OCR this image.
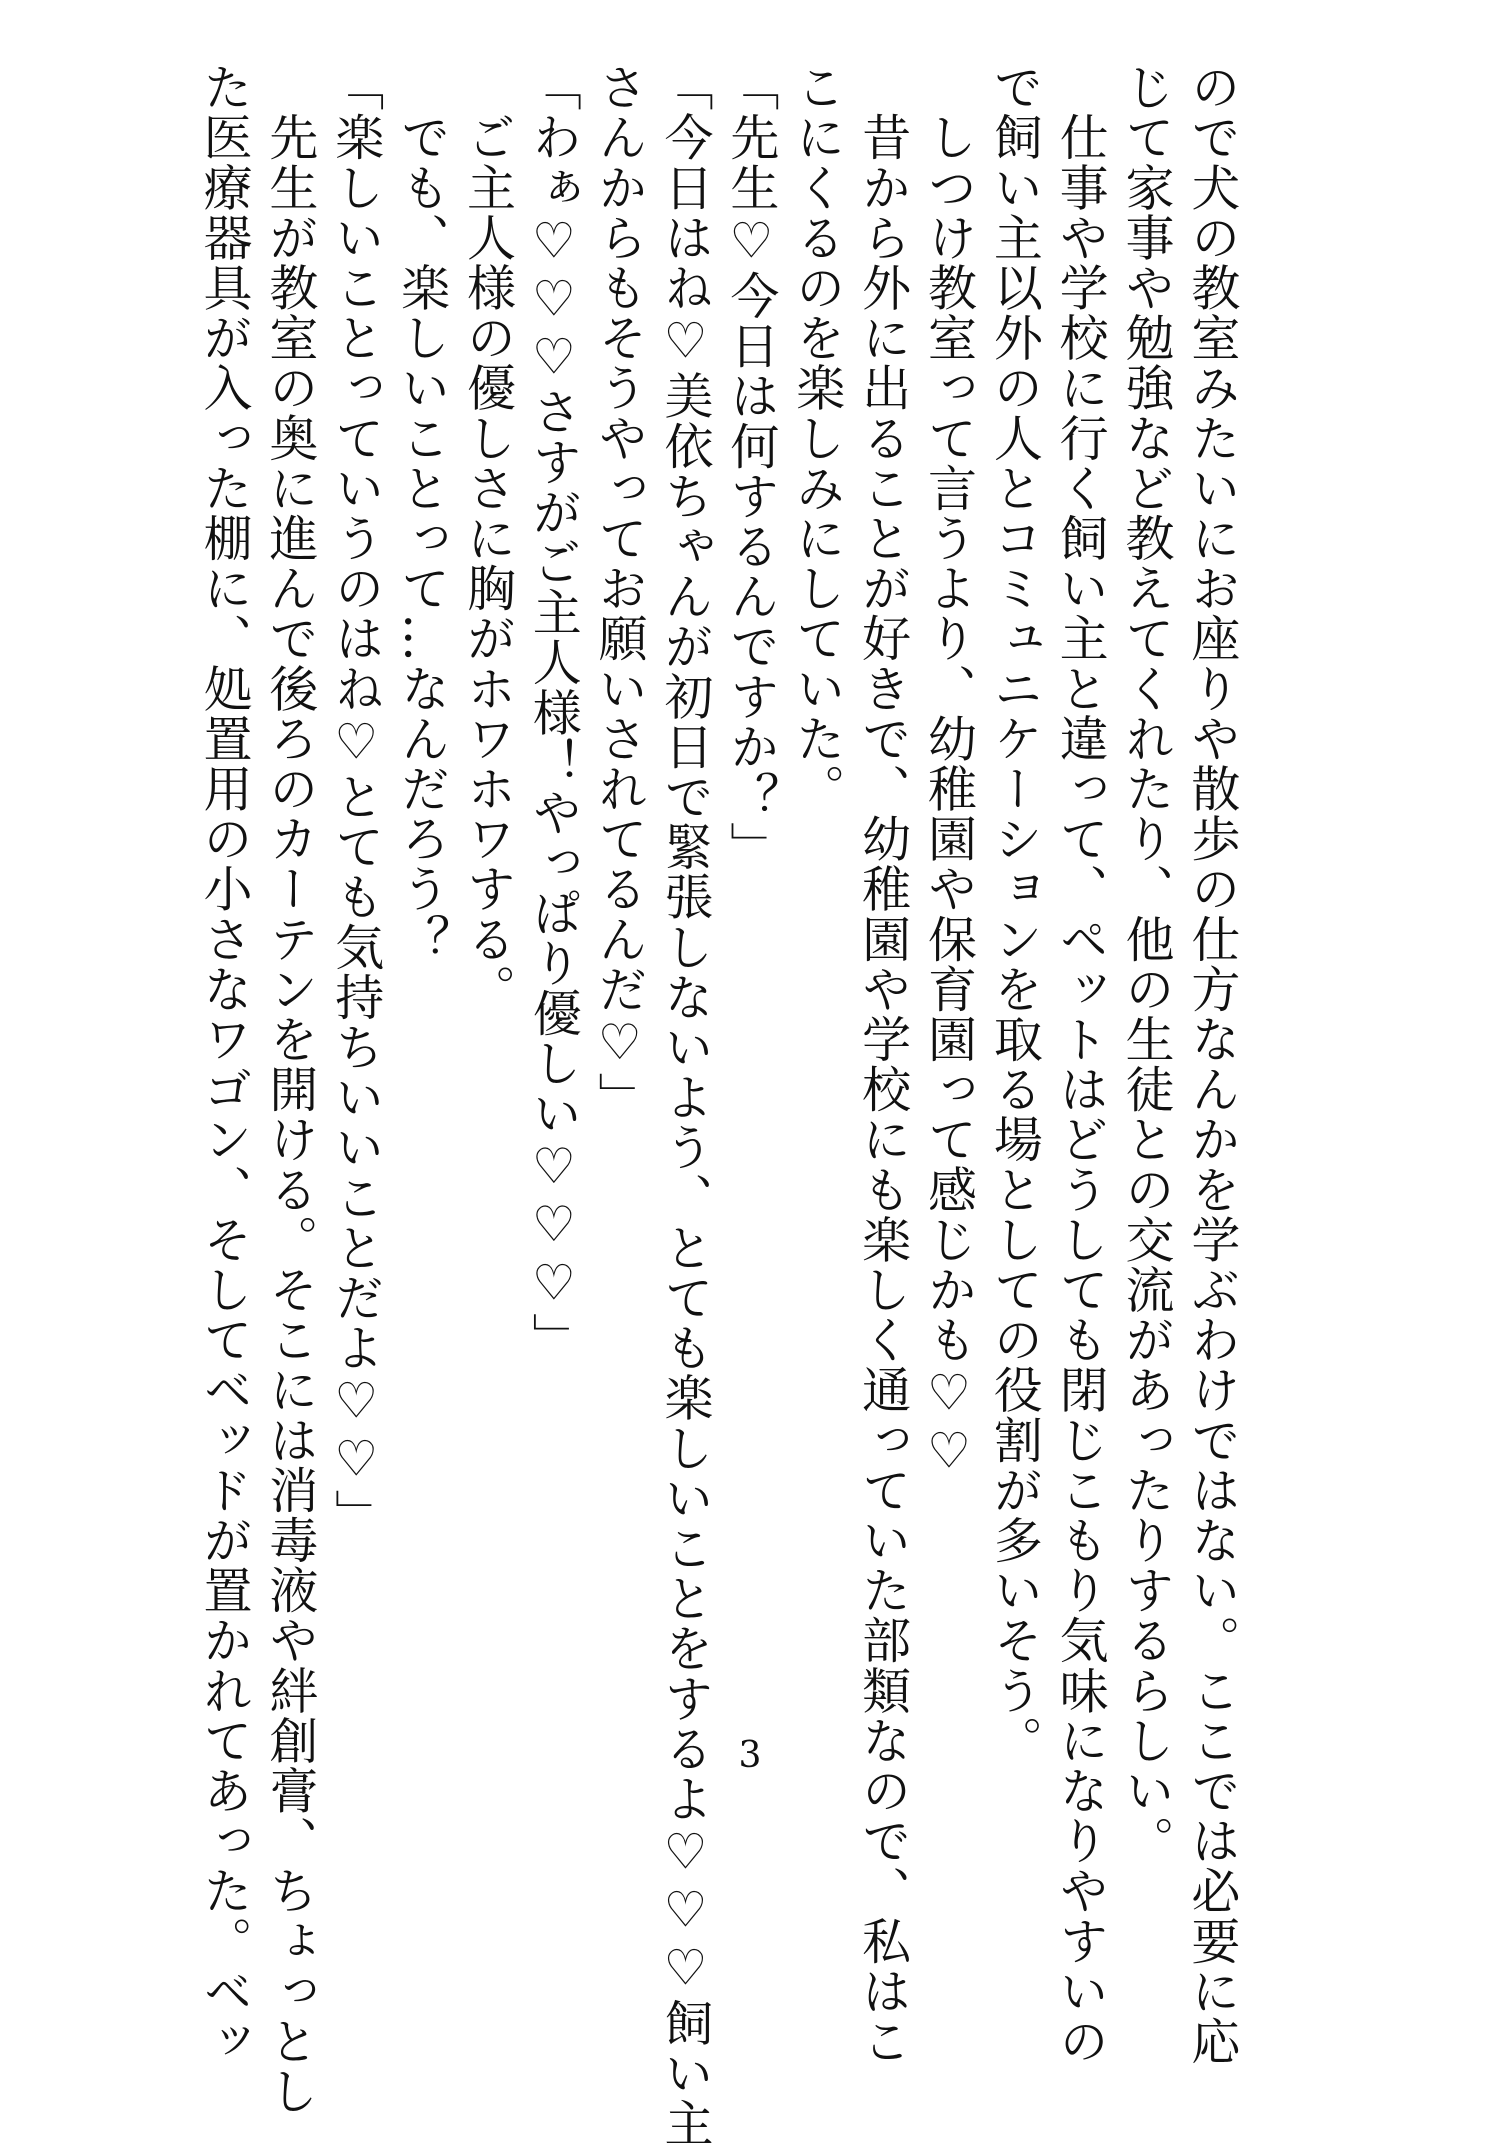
ので犬の教室みたいにお座りや散歩の仕方なんかを学ぶわけではない。ここでは必要に応
じて家事や勉強など教えてくれたり、他の生徒との交流があったりするらしい。
　仕事や学校に行く飼い主と違って、ペットはどうしても閉じこもり気味になりやすいの
で飼い主以外の人とコミュニケーションを取る場としての役割が多いそう。
　しつけ教室って言うより、幼稚園や保育園って感じかも♡♡
　昔から外に出ることが好きで、幼稚園や学校にも楽しく通っていた部類なので、私はこ
こにくるのを楽しみにしていた。
「先生♡今日は何するんですか？」
「今日はね♡美依ちゃんが初日で緊張しないよう、とても楽しいことをするよ♡♡♡飼い主
さんからもそうやってお願いされてるんだ♡」
「わぁ♡♡♡さすがご主人様！やっぱり優しい♡♡♡」
　ご主人様の優しさに胸がホワホワする。
　でも、楽しいことって…なんだろう？
「楽しいことっていうのはね♡とても気持ちいいことだよ♡♡」
　先生が教室の奥に進んで後ろのカーテンを開ける。そこには消毒液や絆創膏、ちょっとし
た医療器具が入った棚に、処置用の小さなワゴン、そしてベッドが置かれてあった。ベッ	3
